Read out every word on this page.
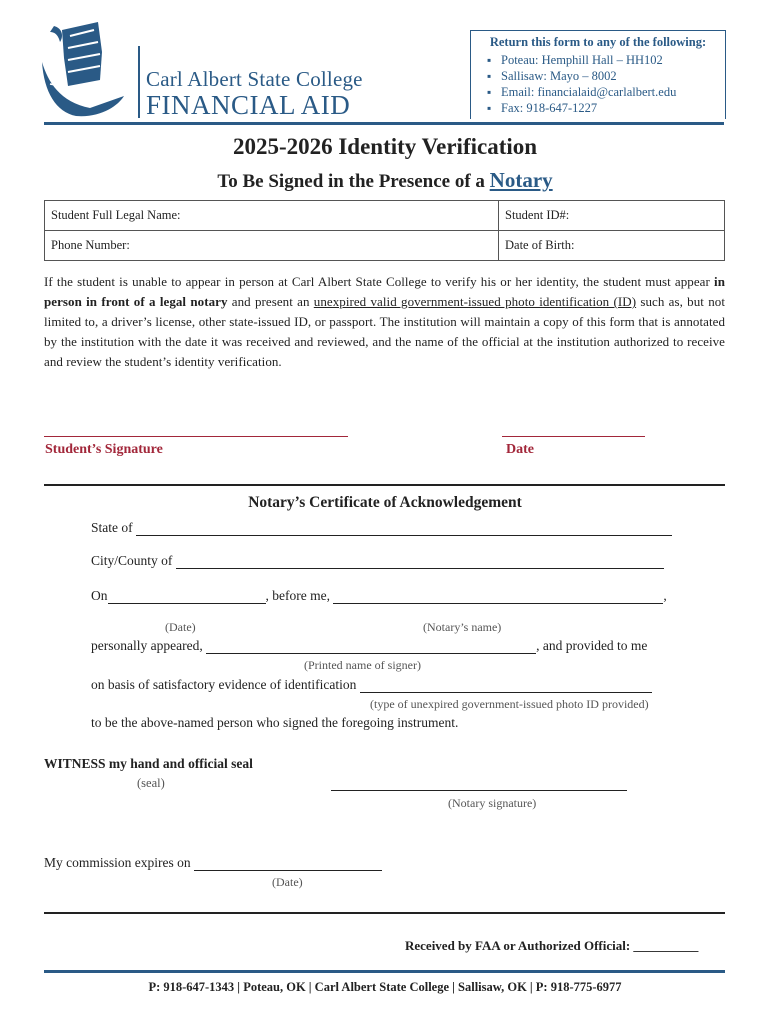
Carl Albert State College
FINANCIAL AID
Return this form to any of the following:
▪ Poteau: Hemphill Hall – HH102
▪ Sallisaw: Mayo – 8002
▪ Email: financialaid@carlalbert.edu
▪ Fax: 918-647-1227
2025-2026 Identity Verification
To Be Signed in the Presence of a Notary
Student Full Legal Name:	Student ID#:
Phone Number:	Date of Birth:
If the student is unable to appear in person at Carl Albert State College to verify his or her identity, the student must appear in person in front of a legal notary and present an unexpired valid government-issued photo identification (ID) such as, but not limited to, a driver’s license, other state-issued ID, or passport. The institution will maintain a copy of this form that is annotated by the institution with the date it was received and reviewed, and the name of the official at the institution authorized to receive and review the student’s identity verification.
Student’s Signature	Date
Notary’s Certificate of Acknowledgement
State of
City/County of
On	, before me,	,
(Date)	(Notary’s name)
personally appeared,	, and provided to me
(Printed name of signer)
on basis of satisfactory evidence of identification
(type of unexpired government-issued photo ID provided)
to be the above-named person who signed the foregoing instrument.
WITNESS my hand and official seal
(seal)
(Notary signature)
My commission expires on
(Date)
Received by FAA or Authorized Official: __________
P: 918-647-1343 | Poteau, OK | Carl Albert State College | Sallisaw, OK | P: 918-775-6977
